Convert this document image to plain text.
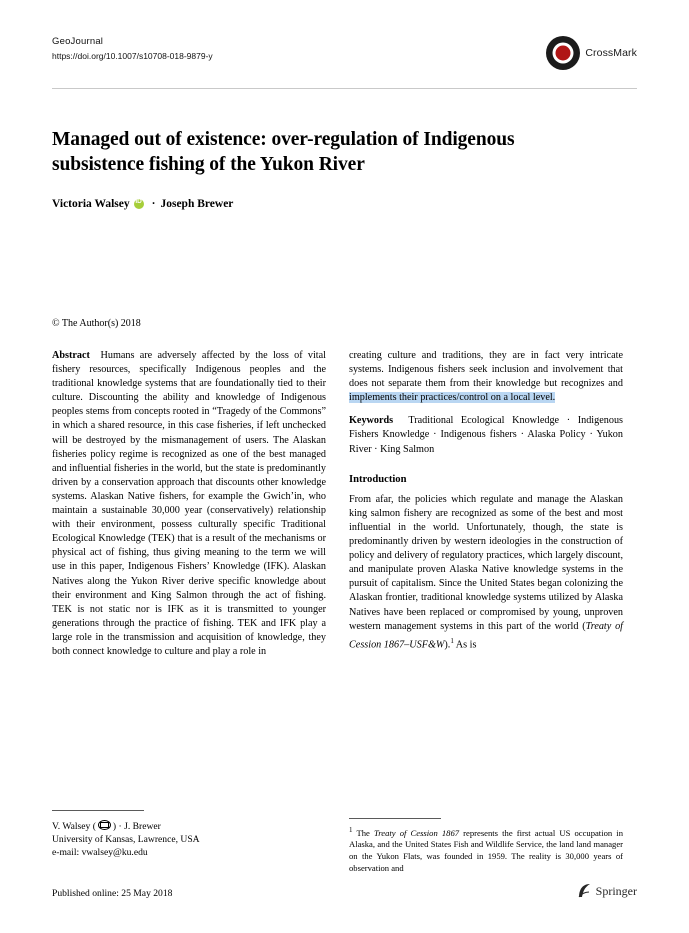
GeoJournal
https://doi.org/10.1007/s10708-018-9879-y	CrossMark
Managed out of existence: over-regulation of Indigenous subsistence fishing of the Yukon River
Victoria Walsey iD · Joseph Brewer
© The Author(s) 2018

Abstract Humans are adversely affected by the loss of vital fishery resources, specifically Indigenous peoples and the traditional knowledge systems that are foundationally tied to their culture. Discounting the ability and knowledge of Indigenous peoples stems from concepts rooted in “Tragedy of the Commons” in which a shared resource, in this case fisheries, if left unchecked will be destroyed by the mismanagement of users. The Alaskan fisheries policy regime is recognized as one of the best managed and influential fisheries in the world, but the state is predominantly driven by a conservation approach that discounts other knowledge systems. Alaskan Native fishers, for example the Gwich’in, who maintain a sustainable 30,000 year (conservatively) relationship with their environment, possess culturally specific Traditional Ecological Knowledge (TEK) that is a result of the mechanisms or physical act of fishing, thus giving meaning to the term we will use in this paper, Indigenous Fishers’ Knowledge (IFK). Alaskan Natives along the Yukon River derive specific knowledge about their environment and King Salmon through the act of fishing. TEK is not static nor is IFK as it is transmitted to younger generations through the practice of fishing. TEK and IFK play a large role in the transmission and acquisition of knowledge, they both connect knowledge to culture and play a role in

creating culture and traditions, they are in fact very intricate systems. Indigenous fishers seek inclusion and involvement that does not separate them from their knowledge but recognizes and implements their practices/control on a local level.

Keywords Traditional Ecological Knowledge · Indigenous Fishers Knowledge · Indigenous fishers · Alaska Policy · Yukon River · King Salmon

Introduction

From afar, the policies which regulate and manage the Alaskan king salmon fishery are recognized as some of the best and most influential in the world. Unfortunately, though, the state is predominantly driven by western ideologies in the construction of policy and delivery of regulatory practices, which largely discount, and manipulate proven Alaska Native knowledge systems in the pursuit of capitalism. Since the United States began colonizing the Alaskan frontier, traditional knowledge systems utilized by Alaska Natives have been replaced or compromised by young, unproven western management systems in this part of the world (Treaty of Cession 1867–USF&W).$^1$ As is

$^1$ The Treaty of Cession 1867 represents the first actual US occupation in Alaska, and the United States Fish and Wildlife Service, the land land manager on the Yukon Flats, was founded in 1959. The reality is 30,000 years of observation and
V. Walsey ( ) · J. Brewer
University of Kansas, Lawrence, USA
e-mail: vwalsey@ku.edu
Published online: 25 May 2018	Springer
